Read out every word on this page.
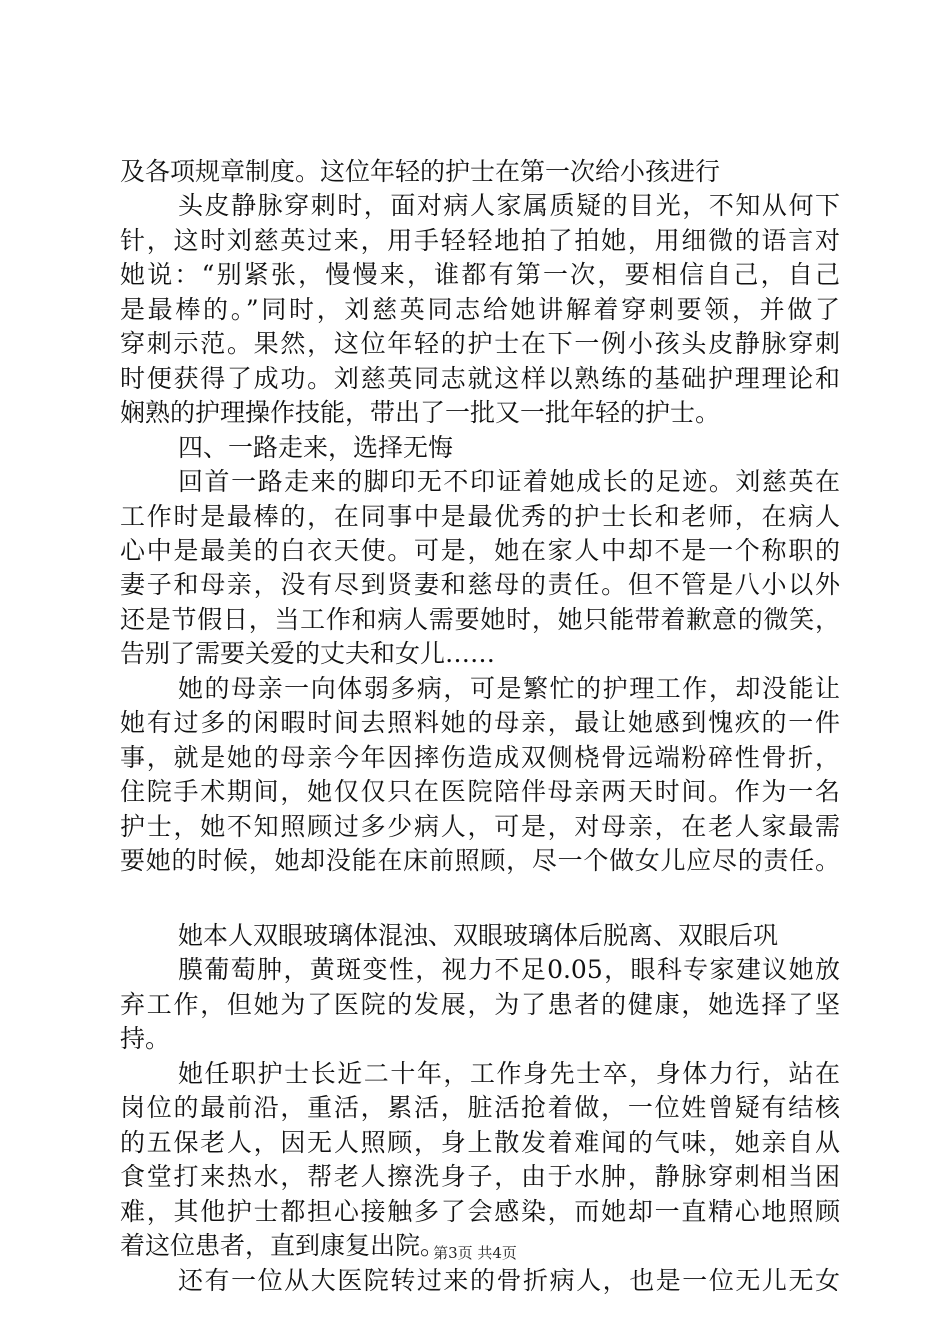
及各项规章制度。这位年轻的护士在第一次给小孩进行
头皮静脉穿刺时，面对病人家属质疑的目光，不知从何下
针，这时刘慈英过来，用手轻轻地拍了拍她，用细微的语言对
她说：“别紧张，慢慢来，谁都有第一次，要相信自己，自己
是最棒的。”同时，刘慈英同志给她讲解着穿刺要领，并做了
穿刺示范。果然，这位年轻的护士在下一例小孩头皮静脉穿刺
时便获得了成功。刘慈英同志就这样以熟练的基础护理理论和
娴熟的护理操作技能，带出了一批又一批年轻的护士。
四、一路走来，选择无悔
回首一路走来的脚印无不印证着她成长的足迹。刘慈英在
工作时是最棒的，在同事中是最优秀的护士长和老师，在病人
心中是最美的白衣天使。可是，她在家人中却不是一个称职的
妻子和母亲，没有尽到贤妻和慈母的责任。但不管是八小以外
还是节假日，当工作和病人需要她时，她只能带着歉意的微笑，
告别了需要关爱的丈夫和女儿……
她的母亲一向体弱多病，可是繁忙的护理工作，却没能让
她有过多的闲暇时间去照料她的母亲，最让她感到愧疚的一件
事，就是她的母亲今年因摔伤造成双侧桡骨远端粉碎性骨折，
住院手术期间，她仅仅只在医院陪伴母亲两天时间。作为一名
护士，她不知照顾过多少病人，可是，对母亲，在老人家最需
要她的时候，她却没能在床前照顾，尽一个做女儿应尽的责任。
她本人双眼玻璃体混浊、双眼玻璃体后脱离、双眼后巩
膜葡萄肿，黄斑变性，视力不足0.05，眼科专家建议她放
弃工作，但她为了医院的发展，为了患者的健康，她选择了坚
持。
她任职护士长近二十年，工作身先士卒，身体力行，站在
岗位的最前沿，重活，累活，脏活抢着做，一位姓曾疑有结核
的五保老人，因无人照顾，身上散发着难闻的气味，她亲自从
食堂打来热水，帮老人擦洗身子，由于水肿，静脉穿刺相当困
难，其他护士都担心接触多了会感染，而她却一直精心地照顾
着这位患者，直到康复出院。
还有一位从大医院转过来的骨折病人，也是一位无儿无女
第3页 共4页
